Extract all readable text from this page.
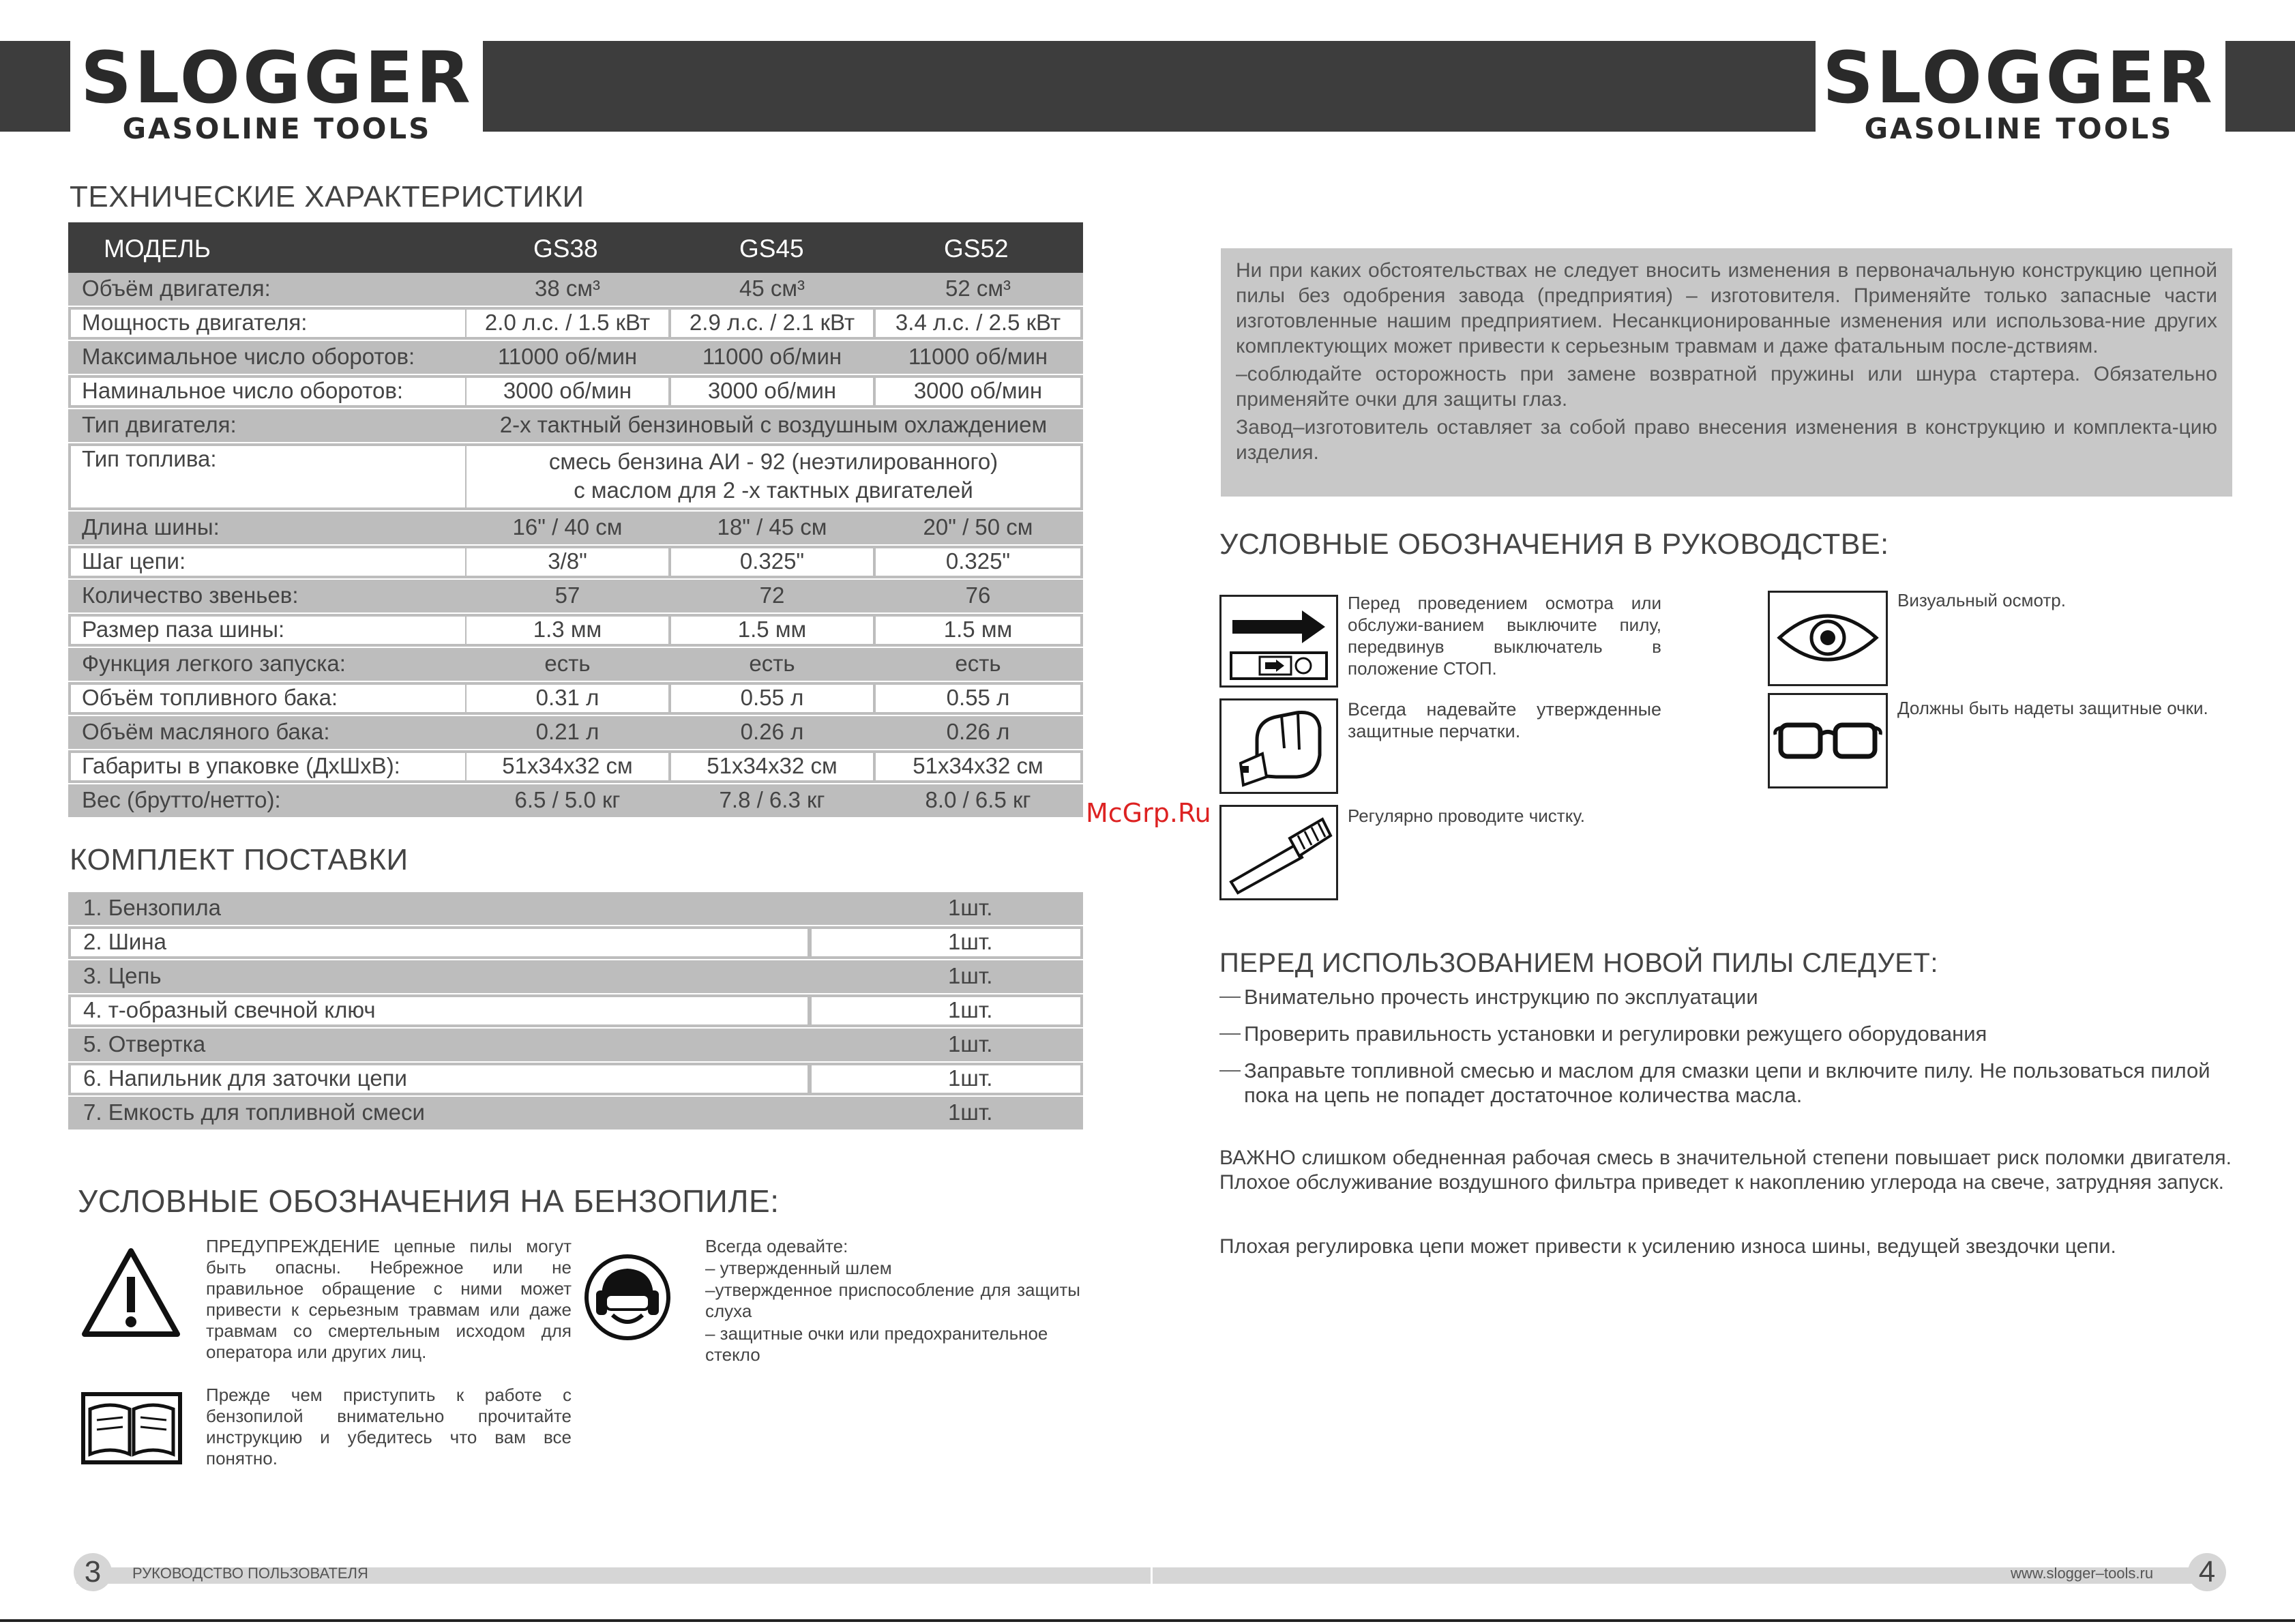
SLOGGER
GASOLINE TOOLS
SLOGGER
GASOLINE TOOLS
ТЕХНИЧЕСКИЕ ХАРАКТЕРИСТИКИ
МОДЕЛЬ	GS38	GS45	GS52
Объём двигателя:	38 см³	45 см³	52 см³
Мощность двигателя:	2.0 л.с. / 1.5 кВт	2.9 л.с. / 2.1 кВт	3.4 л.с. / 2.5 кВт
Максимальное число оборотов:	11000 об/мин	11000 об/мин	11000 об/мин
Наминальное число оборотов:	3000 об/мин	3000 об/мин	3000 об/мин
Тип двигателя:	2-х тактный бензиновый с воздушным охлаждением
Тип топлива:	смесь бензина АИ - 92 (неэтилированного)
с маслом для 2 -х тактных двигателей
Длина шины:	16" / 40 см	18" / 45 см	20" / 50 см
Шаг цепи:	3/8"	0.325"	0.325"
Количество звеньев:	57	72	76
Размер паза шины:	1.3 мм	1.5 мм	1.5 мм
Функция легкого запуска:	есть	есть	есть
Объём топливного бака:	0.31 л	0.55 л	0.55 л
Объём масляного бака:	0.21 л	0.26 л	0.26 л
Габариты в упаковке (ДхШхВ):	51x34x32 см	51x34x32 см	51x34x32 см
Вес (брутто/нетто):	6.5 / 5.0 кг	7.8 / 6.3 кг	8.0 / 6.5 кг	McGrp.Ru
КОМПЛЕКТ ПОСТАВКИ
1. Бензопила	1шт.
2. Шина	1шт.
3. Цепь	1шт.
4. т-образный свечной ключ	1шт.
5. Отвертка	1шт.
6. Напильник для заточки цепи	1шт.
7. Емкость для топливной смеси	1шт.
УСЛОВНЫЕ ОБОЗНАЧЕНИЯ НА БЕНЗОПИЛЕ:
ПРЕДУПРЕЖДЕНИЕ цепные пилы могут быть опасны. Небрежное или не правильное обращение с ними может привести к серьезным травмам или даже травмам со смертельным исходом для оператора или других лиц.
Прежде чем приступить к работе с бензопилой внимательно прочитайте инструкцию и убедитесь что вам все понятно.
Всегда одевайте:
– утвержденный шлем
–утвержденное приспособление для защиты слуха
– защитные очки или предохранительное стекло

Ни при каких обстоятельствах не следует вносить изменения в первоначальную конструкцию цепной пилы без одобрения завода (предприятия) – изготовителя. Применяйте только запасные части изготовленные нашим предприятием. Несанкционированные изменения или использова-ние других комплектующих может привести к серьезным травмам и даже фатальным после-дствиям.

–соблюдайте осторожность при замене возвратной пружины или шнура стартера. Обязательно применяйте очки для защиты глаз.

Завод–изготовитель оставляет за собой право внесения изменения в конструкцию и комплекта-цию изделия.

УСЛОВНЫЕ ОБОЗНАЧЕНИЯ В РУКОВОДСТВЕ:
Перед проведением осмотра или обслужи-ванием выключите пилу, передвинув выключатель в положение СТОП.
Всегда надевайте утвержденные защитные перчатки.
Регулярно проводите чистку.
Визуальный осмотр.
Должны быть надеты защитные очки.
ПЕРЕД ИСПОЛЬЗОВАНИЕМ НОВОЙ ПИЛЫ СЛЕДУЕТ:
— Внимательно прочесть инструкцию по эксплуатации
— Проверить правильность установки и регулировки режущего оборудования
— Заправьте топливной смесью и маслом для смазки цепи и включите пилу. Не пользоваться пилой пока на цепь не попадет достаточное количества масла.
ВАЖНО слишком обедненная рабочая смесь в значительной степени повышает риск поломки двигателя. Плохое обслуживание воздушного фильтра приведет к накоплению углерода на свече, затрудняя запуск.
Плохая регулировка цепи может привести к усилению износа шины, ведущей звездочки цепи.
3	РУКОВОДСТВО ПОЛЬЗОВАТЕЛЯ	www.slogger–tools.ru	4
